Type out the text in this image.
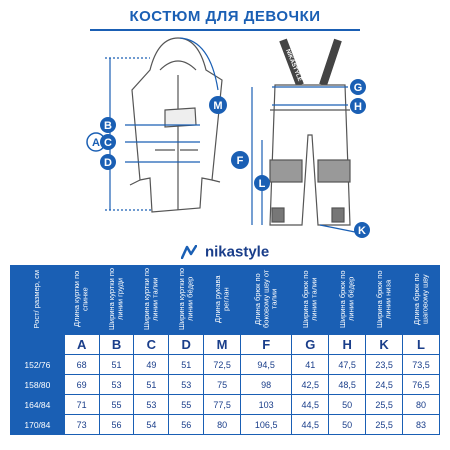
КОСТЮМ ДЛЯ ДЕВОЧКИ
A
B
C
D
M
NIKASTYLE
NIKASTYLE
G
H
F
L
K
nikastyle
Рост/ размер, см	Длина куртки по спинке	Ширина куртки по линии груди	Ширина куртки по линии талии	Ширина куртки по линии бёдер	Длина рукава реглан	Длина брюк по боковому шву от талии	Ширина брюк по линии талии	Ширина брюк по линии бёдер	Ширина брюк по линии низа	Длина брюк по шаговому шву
	A	B	C	D	M	F	G	H	K	L
152/76	68	51	49	51	72,5	94,5	41	47,5	23,5	73,5
158/80	69	53	51	53	75	98	42,5	48,5	24,5	76,5
164/84	71	55	53	55	77,5	103	44,5	50	25,5	80
170/84	73	56	54	56	80	106,5	44,5	50	25,5	83
